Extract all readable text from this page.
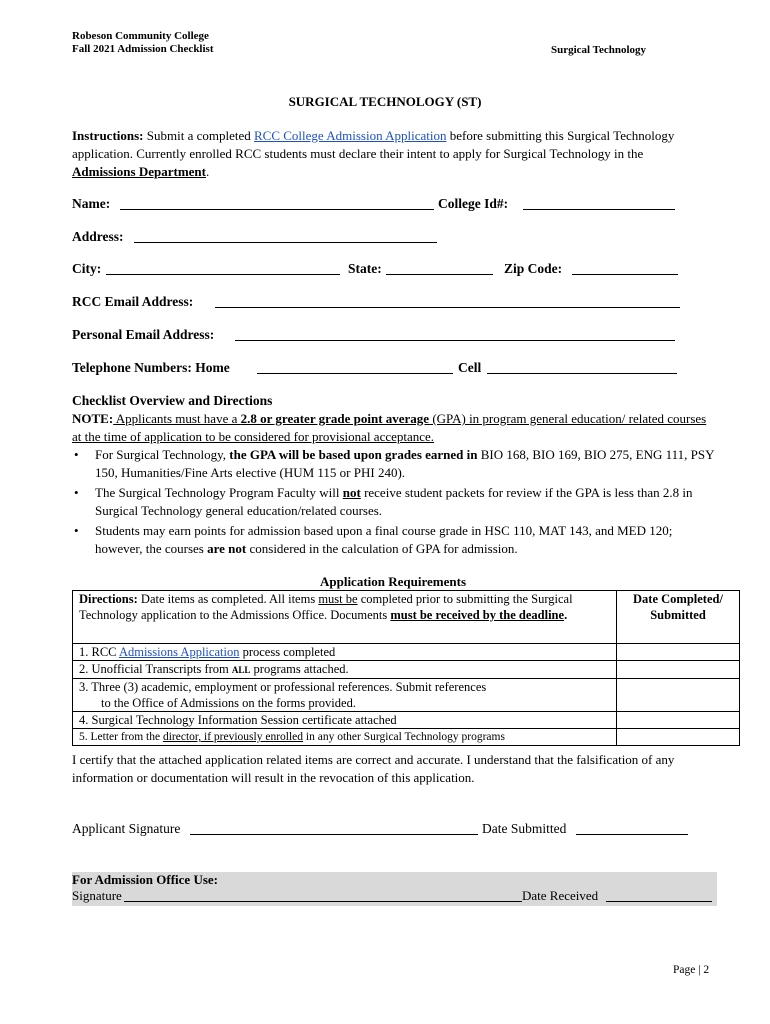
Robeson Community College
Fall 2021 Admission Checklist	Surgical Technology
SURGICAL TECHNOLOGY (ST)
Instructions: Submit a completed RCC College Admission Application before submitting this Surgical Technology application. Currently enrolled RCC students must declare their intent to apply for Surgical Technology in the Admissions Department.
Name:	College Id#:
Address:
City:	State:	Zip Code:
RCC Email Address:
Personal Email Address:
Telephone Numbers: Home	Cell
Checklist Overview and Directions
NOTE: Applicants must have a 2.8 or greater grade point average (GPA) in program general education/ related courses at the time of application to be considered for provisional acceptance.
• For Surgical Technology, the GPA will be based upon grades earned in BIO 168, BIO 169, BIO 275, ENG 111, PSY 150, Humanities/Fine Arts elective (HUM 115 or PHI 240).
• The Surgical Technology Program Faculty will not receive student packets for review if the GPA is less than 2.8 in Surgical Technology general education/related courses.
• Students may earn points for admission based upon a final course grade in HSC 110, MAT 143, and MED 120; however, the courses are not considered in the calculation of GPA for admission.
Application Requirements
Directions: Date items as completed. All items must be completed prior to submitting the Surgical Technology application to the Admissions Office. Documents must be received by the deadline.	Date Completed/ Submitted
1. RCC Admissions Application process completed	
2. Unofficial Transcripts from ALL programs attached.	

3. Three (3) academic, employment or professional references. Submit references
to the Office of Admissions on the forms provided.	

4. Surgical Technology Information Session certificate attached	
5. Letter from the director, if previously enrolled in any other Surgical Technology programs	
I certify that the attached application related items are correct and accurate. I understand that the falsification of any information or documentation will result in the revocation of this application.
Applicant Signature	Date Submitted
For Admission Office Use:
Signature	Date Received
Page | 2
